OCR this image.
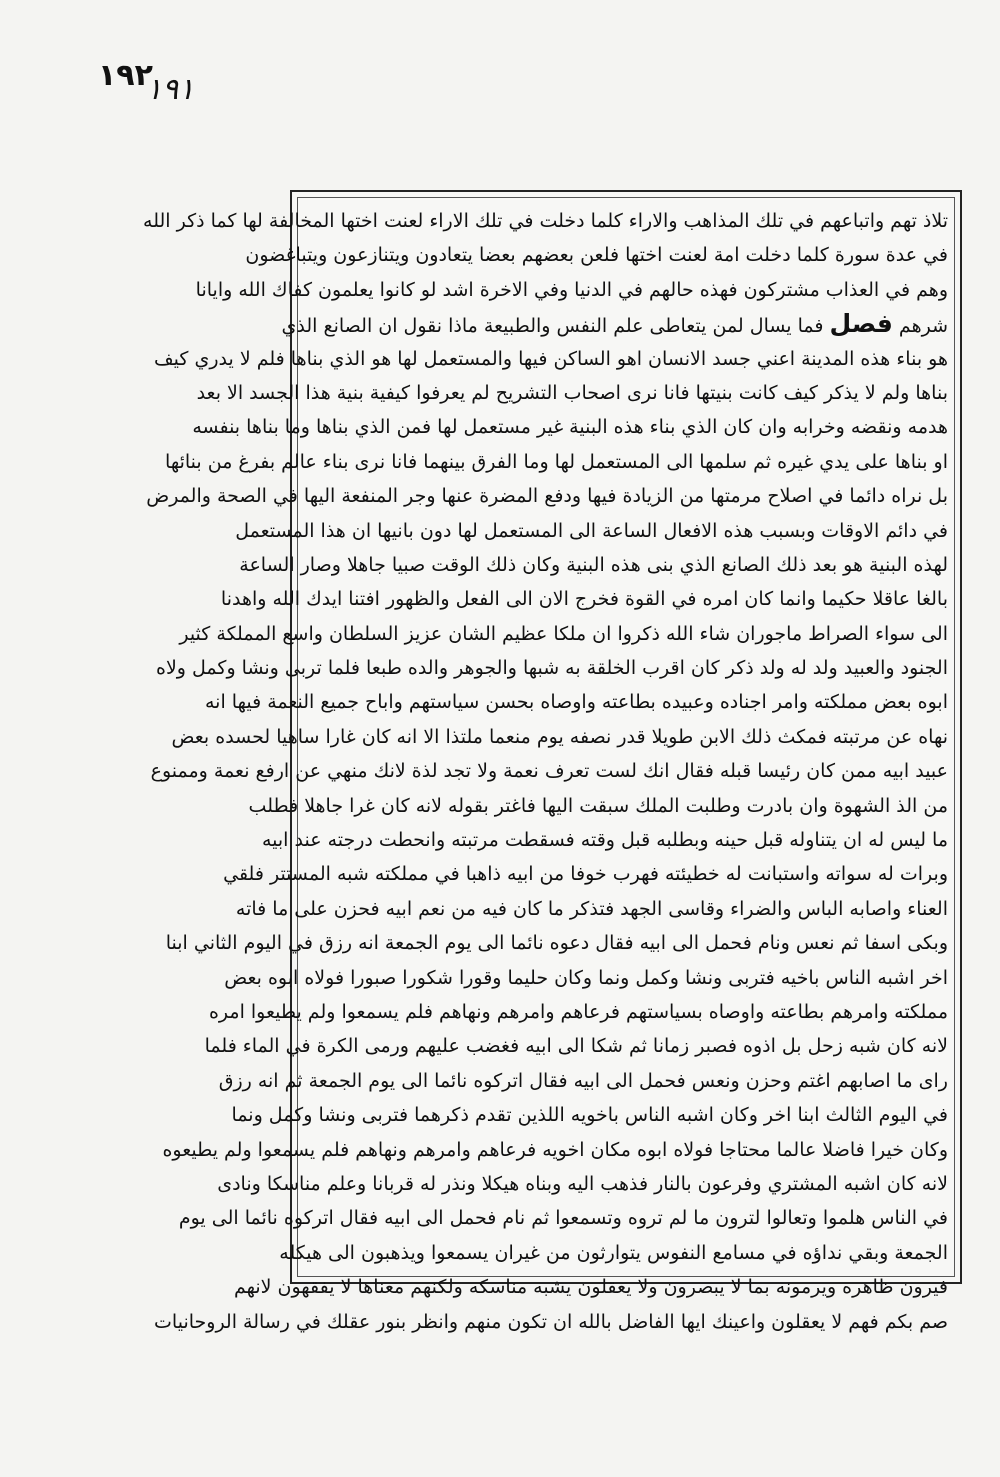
١٩٢
١٩١
تلاذ تهم واتباعهم في تلك المذاهب والاراء كلما دخلت في تلك الاراء لعنت اختها المخالفة لها كما ذكر الله
في عدة سورة كلما دخلت امة لعنت اختها فلعن بعضهم بعضا يتعادون ويتنازعون ويتباغضون
وهم في العذاب مشتركون فهذه حالهم في الدنيا وفي الاخرة اشد لو كانوا يعلمون كفاك الله وايانا
شرهم فصل فما يسال لمن يتعاطى علم النفس والطبيعة ماذا نقول ان الصانع الذي
هو بناء هذه المدينة اعني جسد الانسان اهو الساكن فيها والمستعمل لها هو الذي بناها فلم لا يدري كيف
بناها ولم لا يذكر كيف كانت بنيتها فانا نرى اصحاب التشريح لم يعرفوا كيفية بنية هذا الجسد الا بعد
هدمه ونقضه وخرابه وان كان الذي بناء هذه البنية غير مستعمل لها فمن الذي بناها وما بناها بنفسه
او بناها على يدي غيره ثم سلمها الى المستعمل لها وما الفرق بينهما فانا نرى بناء عالم بفرغ من بنائها
بل نراه دائما في اصلاح مرمتها من الزيادة فيها ودفع المضرة عنها وجر المنفعة اليها في الصحة والمرض
في دائم الاوقات وبسبب هذه الافعال الساعة الى المستعمل لها دون بانيها ان هذا المستعمل
لهذه البنية هو بعد ذلك الصانع الذي بنى هذه البنية وكان ذلك الوقت صبيا جاهلا وصار الساعة
بالغا عاقلا حكيما وانما كان امره في القوة فخرج الان الى الفعل والظهور افتنا ايدك الله واهدنا
الى سواء الصراط ماجوران شاء الله ذكروا ان ملكا عظيم الشان عزيز السلطان واسع المملكة كثير
الجنود والعبيد ولد له ولد ذكر كان اقرب الخلقة به شبها والجوهر والده طبعا فلما تربى ونشا وكمل ولاه
ابوه بعض مملكته وامر اجناده وعبيده بطاعته واوصاه بحسن سياستهم واباح جميع النعمة فيها انه
نهاه عن مرتبته فمكث ذلك الابن طويلا قدر نصفه يوم منعما ملتذا الا انه كان غارا ساهيا لحسده بعض
عبيد ابيه ممن كان رئيسا قبله فقال انك لست تعرف نعمة ولا تجد لذة لانك منهي عن ارفع نعمة وممنوع
من الذ الشهوة وان بادرت وطلبت الملك سبقت اليها فاغتر بقوله لانه كان غرا جاهلا فطلب
ما ليس له ان يتناوله قبل حينه وبطلبه قبل وقته فسقطت مرتبته وانحطت درجته عند ابيه
وبرات له سواته واستبانت له خطيئته فهرب خوفا من ابيه ذاهبا في مملكته شبه المستتر فلقي
العناء واصابه الباس والضراء وقاسى الجهد فتذكر ما كان فيه من نعم ابيه فحزن على ما فاته
وبكى اسفا ثم نعس ونام فحمل الى ابيه فقال دعوه نائما الى يوم الجمعة انه رزق في اليوم الثاني ابنا
اخر اشبه الناس باخيه فتربى ونشا وكمل ونما وكان حليما وقورا شكورا صبورا فولاه ابوه بعض
مملكته وامرهم بطاعته واوصاه بسياستهم فرعاهم وامرهم ونهاهم فلم يسمعوا ولم يطيعوا امره
لانه كان شبه زحل بل اذوه فصبر زمانا ثم شكا الى ابيه فغضب عليهم ورمى الكرة في الماء فلما
راى ما اصابهم اغتم وحزن ونعس فحمل الى ابيه فقال اتركوه نائما الى يوم الجمعة ثم انه رزق
في اليوم الثالث ابنا اخر وكان اشبه الناس باخويه اللذين تقدم ذكرهما فتربى ونشا وكمل ونما
وكان خيرا فاضلا عالما محتاجا فولاه ابوه مكان اخويه فرعاهم وامرهم ونهاهم فلم يسمعوا ولم يطيعوه
لانه كان اشبه المشتري وفرعون بالنار فذهب اليه وبناه هيكلا ونذر له قربانا وعلم مناسكا ونادى
في الناس هلموا وتعالوا لترون ما لم تروه وتسمعوا ثم نام فحمل الى ابيه فقال اتركوه نائما الى يوم
الجمعة وبقي نداؤه في مسامع النفوس يتوارثون من غيران يسمعوا ويذهبون الى هيكله
فيرون ظاهره ويرمونه بما لا يبصرون ولا يعقلون يشبه مناسكه ولكنهم معناها لا يفقهون لانهم
صم بكم فهم لا يعقلون واعينك ايها الفاضل بالله ان تكون منهم وانظر بنور عقلك في رسالة الروحانيات
